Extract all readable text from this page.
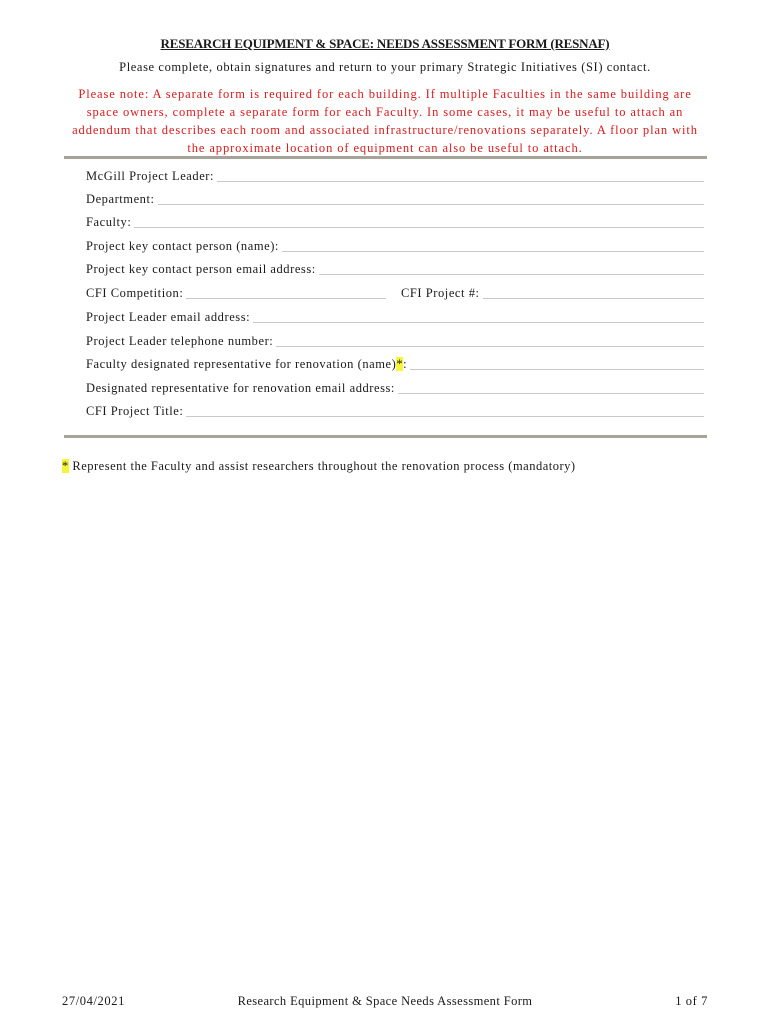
RESEARCH EQUIPMENT & SPACE: NEEDS ASSESSMENT FORM (RESNAF)
Please complete, obtain signatures and return to your primary Strategic Initiatives (SI) contact.
Please note: A separate form is required for each building. If multiple Faculties in the same building are space owners, complete a separate form for each Faculty. In some cases, it may be useful to attach an addendum that describes each room and associated infrastructure/renovations separately. A floor plan with the approximate location of equipment can also be useful to attach.
McGill Project Leader:
Department:
Faculty:
Project key contact person (name):
Project key contact person email address:
CFI Competition:	CFI Project #:
Project Leader email address:
Project Leader telephone number:
Faculty designated representative for renovation (name)*:
Designated representative for renovation email address:
CFI Project Title:
* Represent the Faculty and assist researchers throughout the renovation process (mandatory)
27/04/2021	Research Equipment & Space Needs Assessment Form	1 of 7
